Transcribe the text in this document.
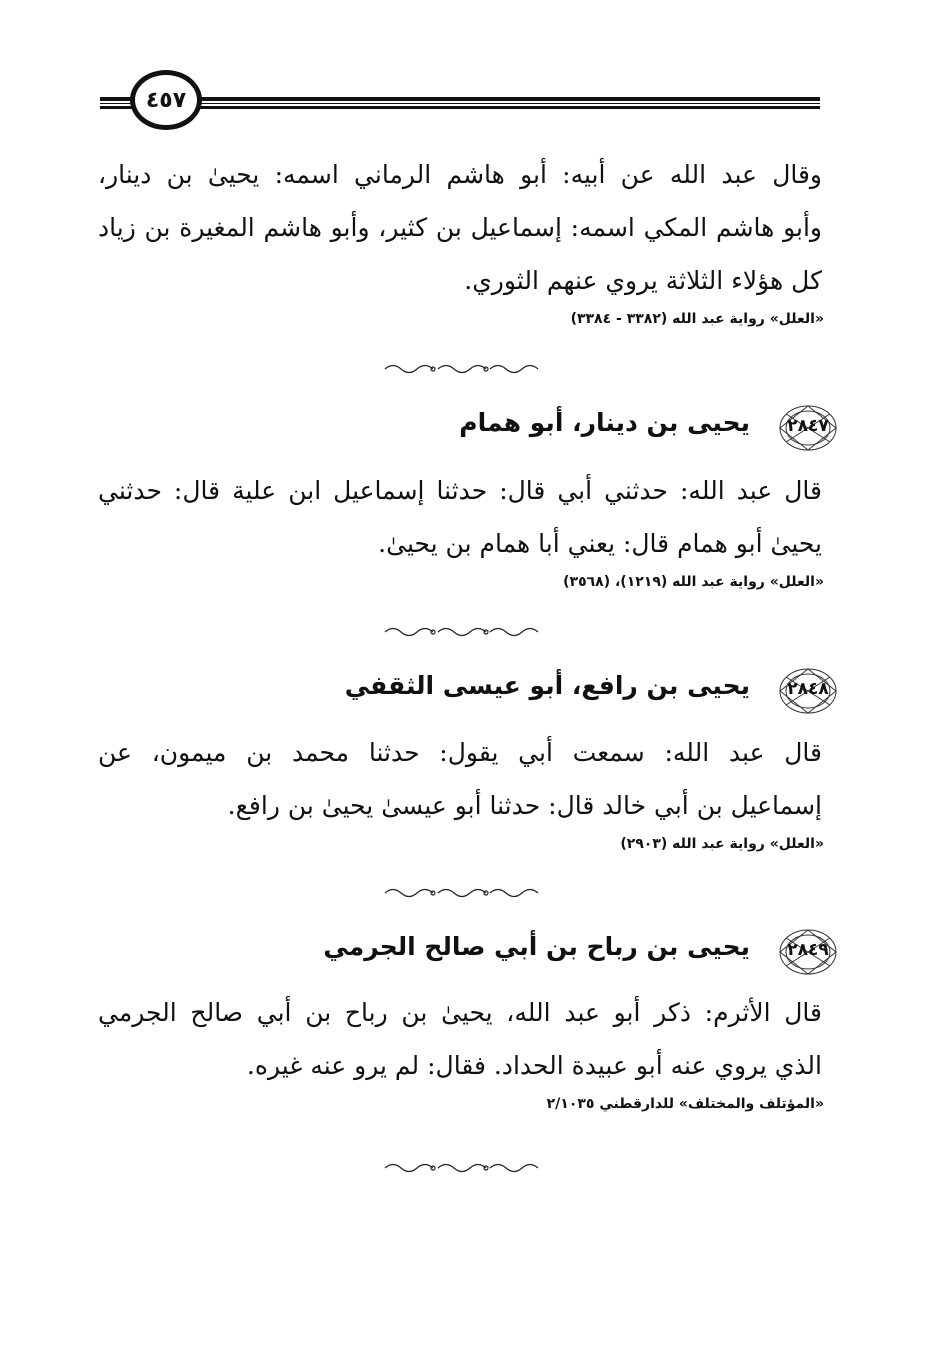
٤٥٧
وقال عبد الله عن أبيه: أبو هاشم الرماني اسمه: يحيىٰ بن دينار،
وأبو هاشم المكي اسمه: إسماعيل بن كثير، وأبو هاشم المغيرة بن زياد
كل هؤلاء الثلاثة يروي عنهم الثوري.
«العلل» رواية عبد الله (٣٣٨٢ - ٣٣٨٤)
٢٨٤٧
يحيى بن دينار، أبو همام
قال عبد الله: حدثني أبي قال: حدثنا إسماعيل ابن علية قال: حدثني
يحيىٰ أبو همام قال: يعني أبا همام بن يحيىٰ.
«العلل» رواية عبد الله (١٢١٩)، (٣٥٦٨)
٢٨٤٨
يحيى بن رافع، أبو عيسى الثقفي
قال عبد الله: سمعت أبي يقول: حدثنا محمد بن ميمون، عن
إسماعيل بن أبي خالد قال: حدثنا أبو عيسىٰ يحيىٰ بن رافع.
«العلل» رواية عبد الله (٢٩٠٣)
٢٨٤٩
يحيى بن رباح بن أبي صالح الجرمي
قال الأثرم: ذكر أبو عبد الله، يحيىٰ بن رباح بن أبي صالح الجرمي
الذي يروي عنه أبو عبيدة الحداد. فقال: لم يرو عنه غيره.
«المؤتلف والمختلف» للدارقطني ٢/١٠٣٥
